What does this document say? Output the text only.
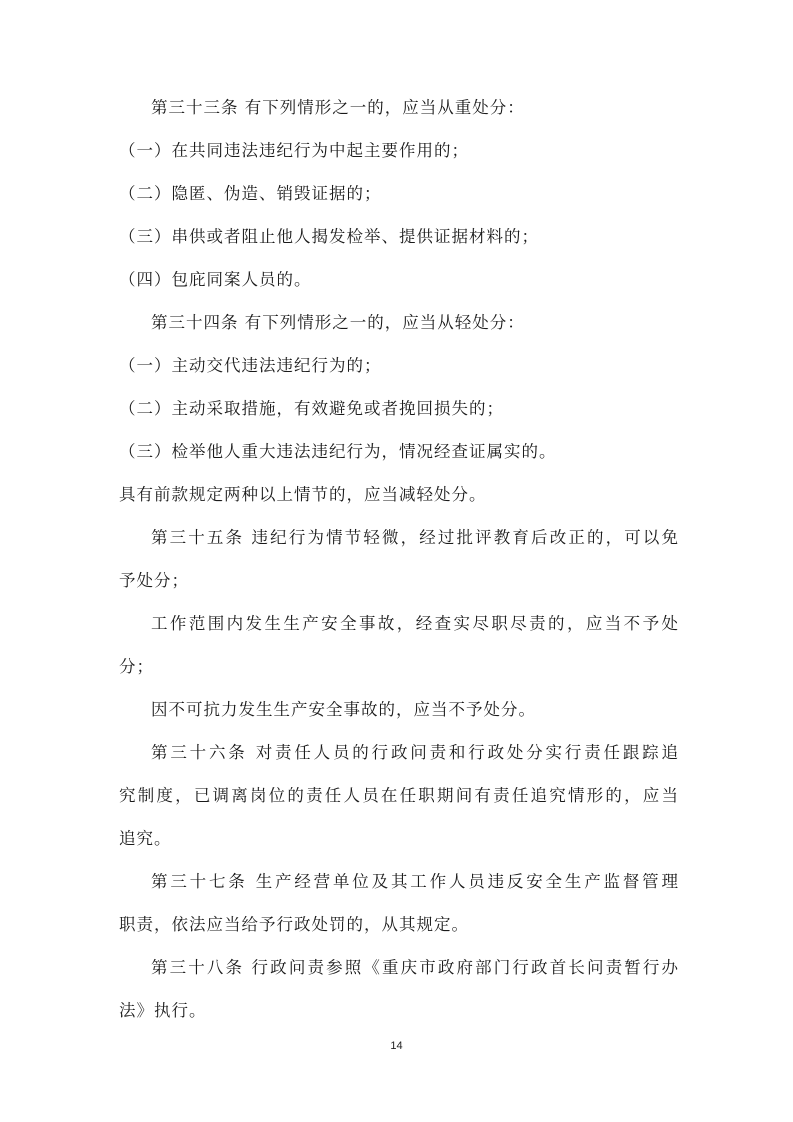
第三十三条 有下列情形之一的，应当从重处分：
（一）在共同违法违纪行为中起主要作用的；
（二）隐匿、伪造、销毁证据的；
（三）串供或者阻止他人揭发检举、提供证据材料的；
（四）包庇同案人员的。
第三十四条 有下列情形之一的，应当从轻处分：
（一）主动交代违法违纪行为的；
（二）主动采取措施，有效避免或者挽回损失的；
（三）检举他人重大违法违纪行为，情况经查证属实的。
具有前款规定两种以上情节的，应当减轻处分。
第三十五条 违纪行为情节轻微，经过批评教育后改正的，可以免
予处分；
工作范围内发生生产安全事故，经查实尽职尽责的，应当不予处
分；
因不可抗力发生生产安全事故的，应当不予处分。
第三十六条 对责任人员的行政问责和行政处分实行责任跟踪追
究制度，已调离岗位的责任人员在任职期间有责任追究情形的，应当
追究。
第三十七条 生产经营单位及其工作人员违反安全生产监督管理
职责，依法应当给予行政处罚的，从其规定。
第三十八条 行政问责参照《重庆市政府部门行政首长问责暂行办
法》执行。
14
